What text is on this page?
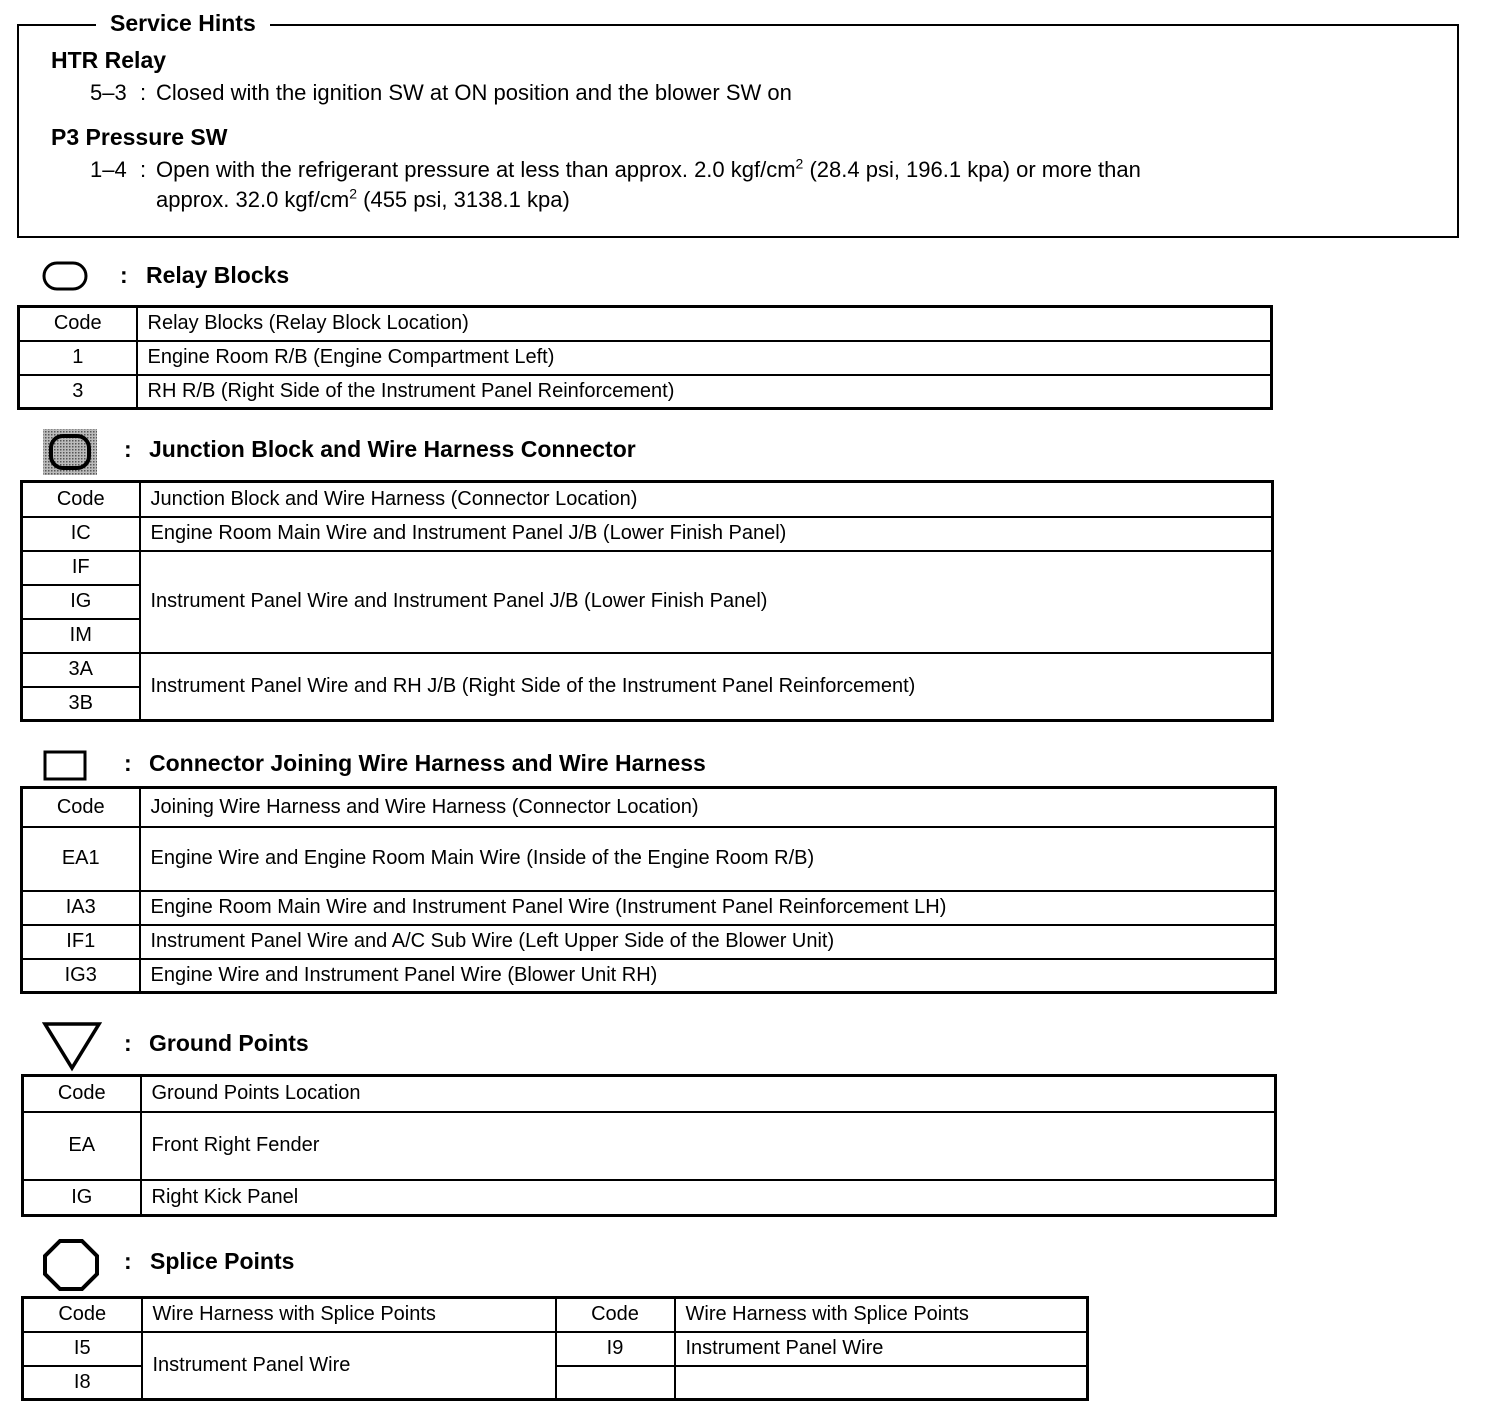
Service Hints
HTR Relay
5–3 : Closed with the ignition SW at ON position and the blower SW on
P3 Pressure SW
1–4 : Open with the refrigerant pressure at less than approx. 2.0 kgf/$cm^2$ (28.4 psi, 196.1 kpa) or more than
approx. 32.0 kgf/$cm^2$ (455 psi, 3138.1 kpa)
: Relay Blocks
Code	Relay Blocks (Relay Block Location)
1	Engine Room R/B (Engine Compartment Left)
3	RH R/B (Right Side of the Instrument Panel Reinforcement)
: Junction Block and Wire Harness Connector
Code	Junction Block and Wire Harness (Connector Location)
IC	Engine Room Main Wire and Instrument Panel J/B (Lower Finish Panel)
IF	Instrument Panel Wire and Instrument Panel J/B (Lower Finish Panel)
IG	
IM	
3A	Instrument Panel Wire and RH J/B (Right Side of the Instrument Panel Reinforcement)
3B	
: Connector Joining Wire Harness and Wire Harness
Code	Joining Wire Harness and Wire Harness (Connector Location)
EA1	Engine Wire and Engine Room Main Wire (Inside of the Engine Room R/B)
IA3	Engine Room Main Wire and Instrument Panel Wire (Instrument Panel Reinforcement LH)
IF1	Instrument Panel Wire and A/C Sub Wire (Left Upper Side of the Blower Unit)
IG3	Engine Wire and Instrument Panel Wire (Blower Unit RH)
: Ground Points
Code	Ground Points Location
EA	Front Right Fender
IG	Right Kick Panel
: Splice Points
Code	Wire Harness with Splice Points	Code	Wire Harness with Splice Points
I5	Instrument Panel Wire	I9	Instrument Panel Wire
I8			
